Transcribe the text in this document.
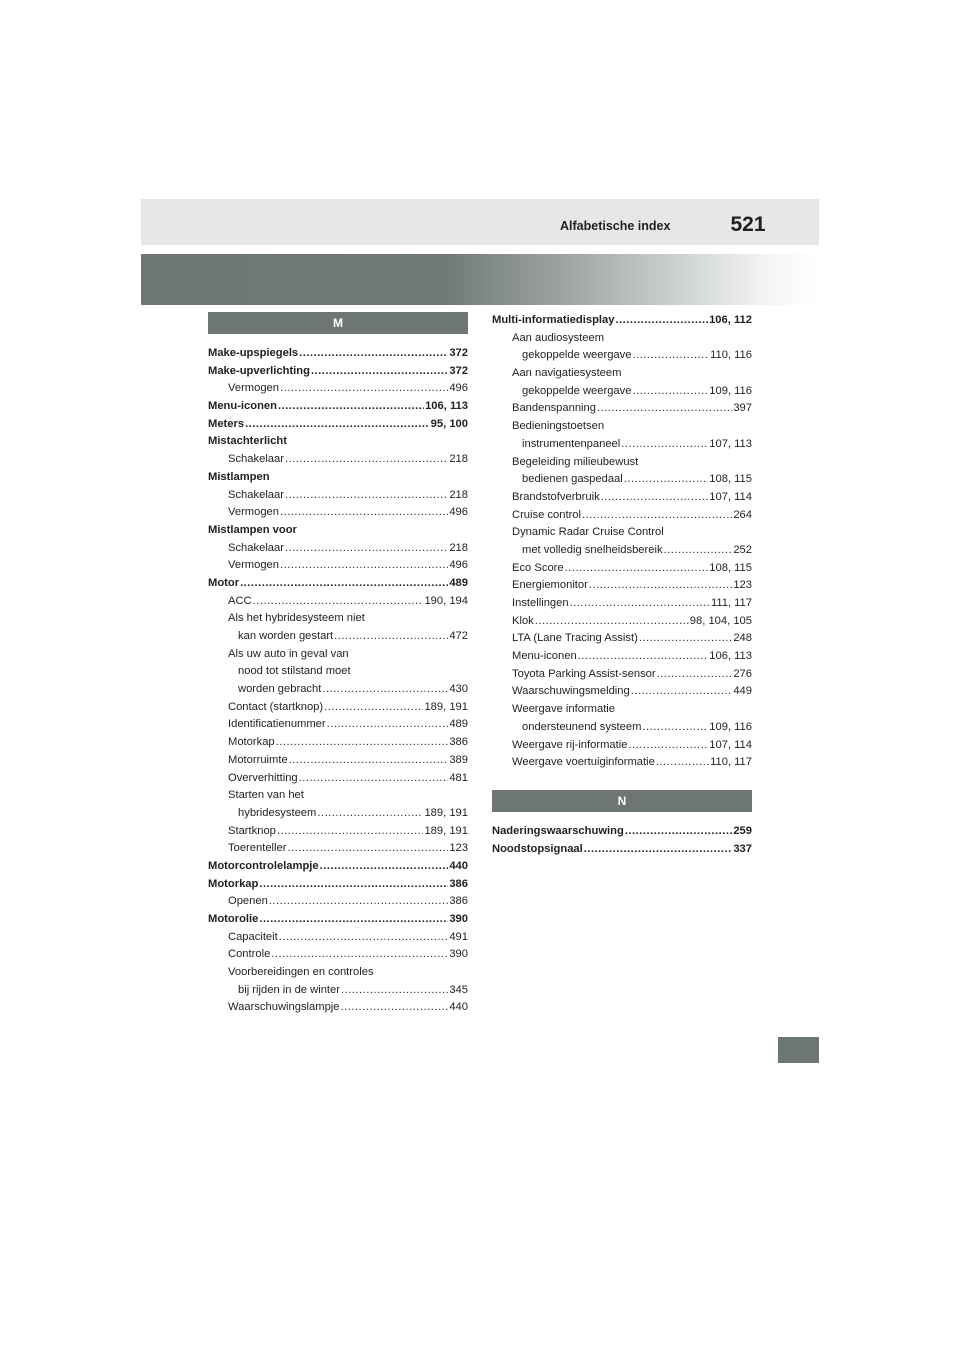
Alfabetische index	521
M
Make-upspiegels .....	372
Make-upverlichting .....	372
Vermogen .....	496
Menu-iconen .....	106, 113
Meters .....	95, 100
Mistachterlicht
Schakelaar .....	218
Mistlampen
Schakelaar .....	218
Vermogen .....	496
Mistlampen voor
Schakelaar .....	218
Vermogen .....	496
Motor .....	489
ACC .....	190, 194
Als het hybridesysteem niet
kan worden gestart .....	472
Als uw auto in geval van
nood tot stilstand moet
worden gebracht .....	430
Contact (startknop) .....	189, 191
Identificatienummer .....	489
Motorkap .....	386
Motorruimte .....	389
Oververhitting .....	481
Starten van het
hybridesysteem .....	189, 191
Startknop .....	189, 191
Toerenteller .....	123
Motorcontrolelampje .....	440
Motorkap .....	386
Openen .....	386
Motorolie .....	390
Capaciteit .....	491
Controle .....	390
Voorbereidingen en controles
bij rijden in de winter .....	345
Waarschuwingslampje .....	440
Multi-informatiedisplay .....	106, 112
Aan audiosysteem
gekoppelde weergave .....	110, 116
Aan navigatiesysteem
gekoppelde weergave .....	109, 116
Bandenspanning .....	397
Bedieningstoetsen
instrumentenpaneel .....	107, 113
Begeleiding milieubewust
bedienen gaspedaal .....	108, 115
Brandstofverbruik .....	107, 114
Cruise control .....	264
Dynamic Radar Cruise Control
met volledig snelheidsbereik .....	252
Eco Score .....	108, 115
Energiemonitor .....	123
Instellingen .....	111, 117
Klok .....	98, 104, 105
LTA (Lane Tracing Assist) .....	248
Menu-iconen .....	106, 113
Toyota Parking Assist-sensor .....	276
Waarschuwingsmelding .....	449
Weergave informatie
ondersteunend systeem .....	109, 116
Weergave rij-informatie .....	107, 114
Weergave voertuiginformatie .....	110, 117
N
Naderingswaarschuwing .....	259
Noodstopsignaal .....	337
